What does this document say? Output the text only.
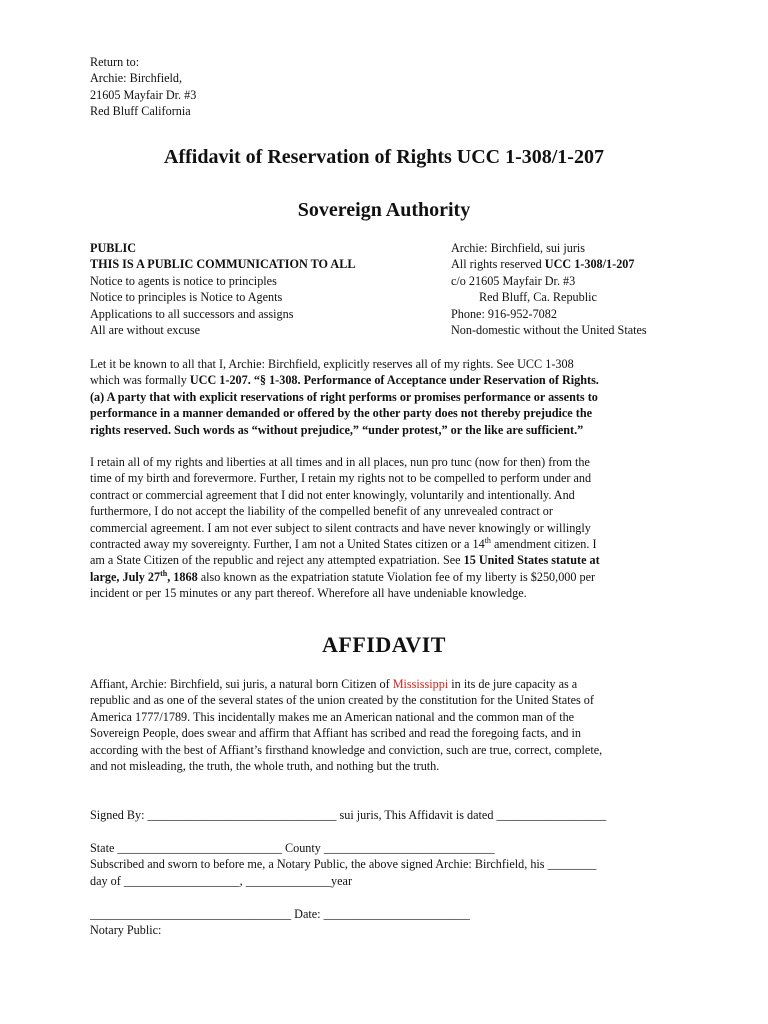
Return to:
Archie: Birchfield,
21605 Mayfair Dr. #3
Red Bluff California
Affidavit of Reservation of Rights UCC 1-308/1-207
Sovereign Authority
PUBLIC
THIS IS A PUBLIC COMMUNICATION TO ALL
Notice to agents is notice to principles
Notice to principles is Notice to Agents
Applications to all successors and assigns
All are without excuse
Archie: Birchfield, sui juris
All rights reserved UCC 1-308/1-207
c/o 21605 Mayfair Dr. #3
Red Bluff, Ca. Republic
Phone: 916-952-7082
Non-domestic without the United States
Let it be known to all that I, Archie: Birchfield, explicitly reserves all of my rights. See UCC 1-308
which was formally UCC 1-207. “§ 1-308. Performance of Acceptance under Reservation of Rights.
(a) A party that with explicit reservations of right performs or promises performance or assents to
performance in a manner demanded or offered by the other party does not thereby prejudice the
rights reserved. Such words as “without prejudice,” “under protest,” or the like are sufficient.”
I retain all of my rights and liberties at all times and in all places, nun pro tunc (now for then) from the
time of my birth and forevermore. Further, I retain my rights not to be compelled to perform under and
contract or commercial agreement that I did not enter knowingly, voluntarily and intentionally. And
furthermore, I do not accept the liability of the compelled benefit of any unrevealed contract or
commercial agreement. I am not ever subject to silent contracts and have never knowingly or willingly
contracted away my sovereignty. Further, I am not a United States citizen or a 14th amendment citizen. I
am a State Citizen of the republic and reject any attempted expatriation. See 15 United States statute at
large, July 27th, 1868 also known as the expatriation statute Violation fee of my liberty is $250,000 per
incident or per 15 minutes or any part thereof. Wherefore all have undeniable knowledge.
AFFIDAVIT
Affiant, Archie: Birchfield, sui juris, a natural born Citizen of Mississippi in its de jure capacity as a
republic and as one of the several states of the union created by the constitution for the United States of
America 1777/1789. This incidentally makes me an American national and the common man of the
Sovereign People, does swear and affirm that Affiant has scribed and read the foregoing facts, and in
according with the best of Affiant’s firsthand knowledge and conviction, such are true, correct, complete,
and not misleading, the truth, the whole truth, and nothing but the truth.
Signed By: _______________________________ sui juris, This Affidavit is dated __________________
State ___________________________ County ____________________________
Subscribed and sworn to before me, a Notary Public, the above signed Archie: Birchfield, his ________
day of ___________________, ______________year
_________________________________ Date: ________________________
Notary Public:
